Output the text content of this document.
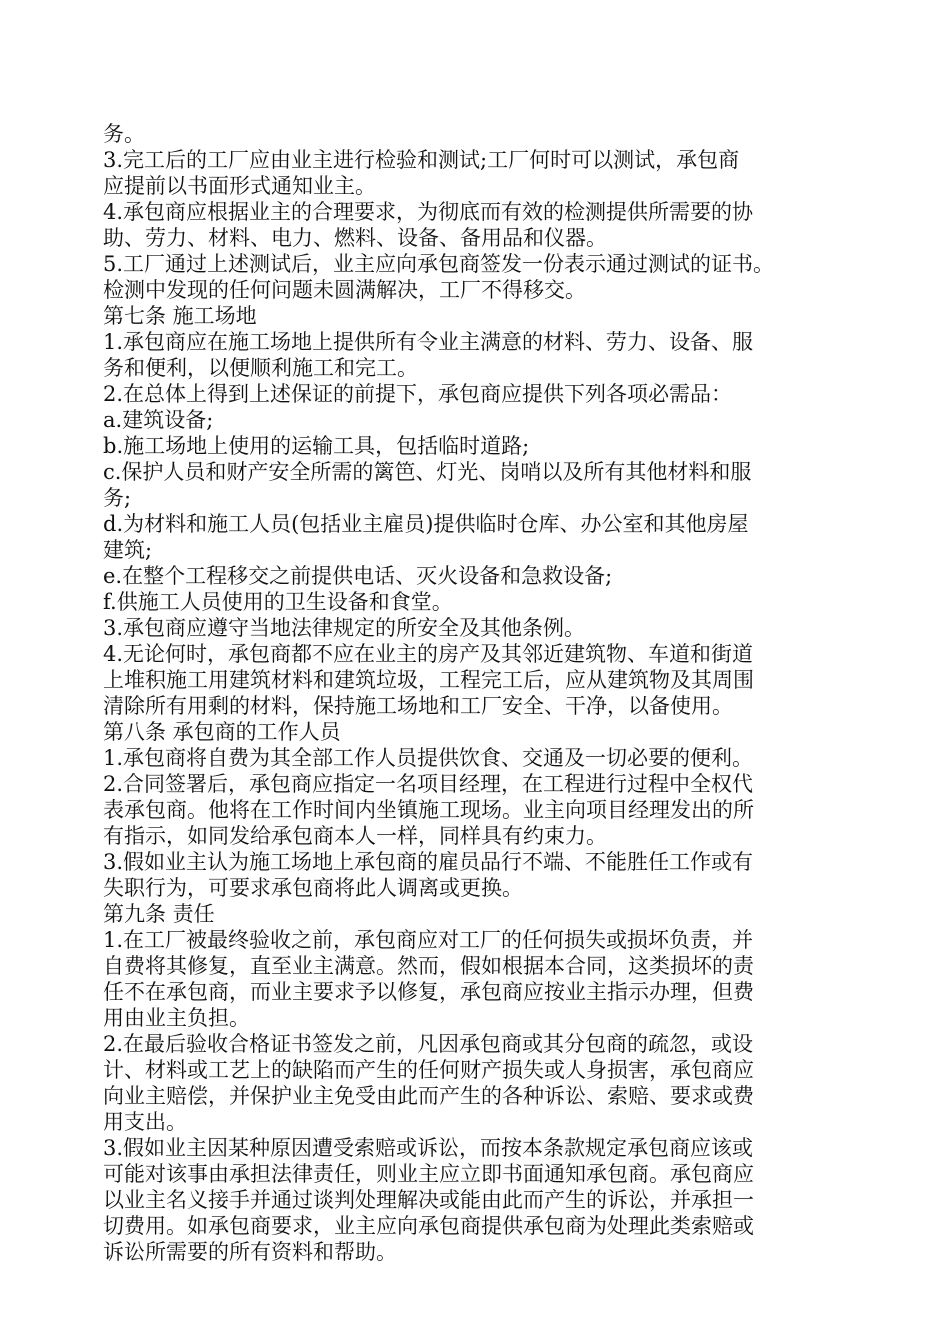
务。
3.完工后的工厂应由业主进行检验和测试;工厂何时可以测试，承包商
应提前以书面形式通知业主。
4.承包商应根据业主的合理要求，为彻底而有效的检测提供所需要的协
助、劳力、材料、电力、燃料、设备、备用品和仪器。
5.工厂通过上述测试后，业主应向承包商签发一份表示通过测试的证书。
检测中发现的任何问题未圆满解决，工厂不得移交。
第七条 施工场地
1.承包商应在施工场地上提供所有令业主满意的材料、劳力、设备、服
务和便利，以便顺利施工和完工。
2.在总体上得到上述保证的前提下，承包商应提供下列各项必需品：
a.建筑设备;
b.施工场地上使用的运输工具，包括临时道路;
c.保护人员和财产安全所需的篱笆、灯光、岗哨以及所有其他材料和服
务;
d.为材料和施工人员(包括业主雇员)提供临时仓库、办公室和其他房屋
建筑;
e.在整个工程移交之前提供电话、灭火设备和急救设备;
f.供施工人员使用的卫生设备和食堂。
3.承包商应遵守当地法律规定的所安全及其他条例。
4.无论何时，承包商都不应在业主的房产及其邻近建筑物、车道和街道
上堆积施工用建筑材料和建筑垃圾，工程完工后，应从建筑物及其周围
清除所有用剩的材料，保持施工场地和工厂安全、干净，以备使用。
第八条 承包商的工作人员
1.承包商将自费为其全部工作人员提供饮食、交通及一切必要的便利。
2.合同签署后，承包商应指定一名项目经理，在工程进行过程中全权代
表承包商。他将在工作时间内坐镇施工现场。业主向项目经理发出的所
有指示，如同发给承包商本人一样，同样具有约束力。
3.假如业主认为施工场地上承包商的雇员品行不端、不能胜任工作或有
失职行为，可要求承包商将此人调离或更换。
第九条 责任
1.在工厂被最终验收之前，承包商应对工厂的任何损失或损坏负责，并
自费将其修复，直至业主满意。然而，假如根据本合同，这类损坏的责
任不在承包商，而业主要求予以修复，承包商应按业主指示办理，但费
用由业主负担。
2.在最后验收合格证书签发之前，凡因承包商或其分包商的疏忽，或设
计、材料或工艺上的缺陷而产生的任何财产损失或人身损害，承包商应
向业主赔偿，并保护业主免受由此而产生的各种诉讼、索赔、要求或费
用支出。
3.假如业主因某种原因遭受索赔或诉讼，而按本条款规定承包商应该或
可能对该事由承担法律责任，则业主应立即书面通知承包商。承包商应
以业主名义接手并通过谈判处理解决或能由此而产生的诉讼，并承担一
切费用。如承包商要求，业主应向承包商提供承包商为处理此类索赔或
诉讼所需要的所有资料和帮助。
